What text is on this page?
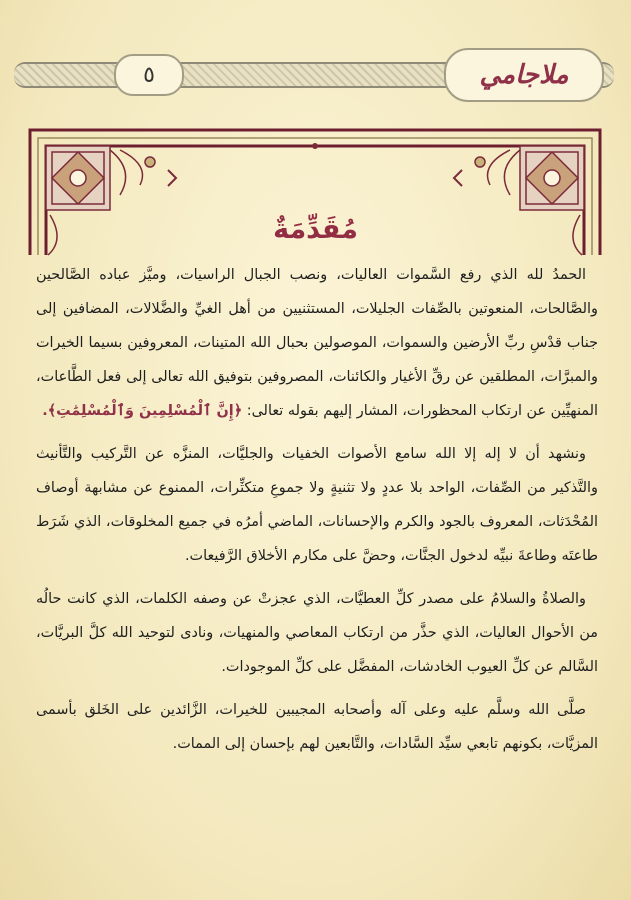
٥	ملاجامي
مُقَدِّمَةٌ

الحمدُ لله الذي رفع السَّموات العاليات، ونصب الجبال الراسيات، وميَّز عباده الصَّالحين والصَّالحات، المنعوتين بالصِّفات الجليلات، المستثنيين من أهل الغيِّ والضَّلالات، المضافين إلى جناب قدْسِ ربِّ الأرضين والسموات، الموصولين بحبال الله المتينات، المعروفين بسيما الخيرات والمبرَّات، المطلقين عن رقِّ الأغيار والكائنات، المصروفين بتوفيق الله تعالى إلى فعل الطَّاعات، المنهيِّين عن ارتكاب المحظورات، المشار إليهم بقوله تعالى: ﴿إِنَّ ٱلْمُسْلِمِينَ وَٱلْمُسْلِمَٰتِ﴾.

ونشهد أن لا إله إلا الله سامع الأصوات الخفيات والجليَّات، المنزَّه عن التَّركيب والتَّأنيث والتَّذكير من الصِّفات، الواحد بلا عددٍ ولا تثنيةٍ ولا جموعِ متكثِّرات، الممنوع عن مشابهة أوصاف المُحْدَثات، المعروف بالجود والكرم والإحسانات، الماضي أمرُه في جميع المخلوقات، الذي شَرَط طاعتَه وطاعةَ نبيِّه لدخول الجنَّات، وحضَّ على مكارم الأخلاق الرَّفيعات.

والصلاةُ والسلامُ على مصدر كلِّ العطيَّات، الذي عجزتْ عن وصفه الكلمات، الذي كانت حالُه من الأحوال العاليات، الذي حذَّر من ارتكاب المعاصي والمنهيات، ونادى لتوحيد الله كلَّ البريَّات، السَّالم عن كلِّ العيوب الخادشات، المفضَّل على كلِّ الموجودات.

صلَّى الله وسلَّم عليه وعلى آله وأصحابه المجيبين للخيرات، الزَّائدين على الخَلق بأسمى المزيَّات، بكونهم تابعي سيِّد السَّادات، والتَّابعين لهم بإحسان إلى الممات.
